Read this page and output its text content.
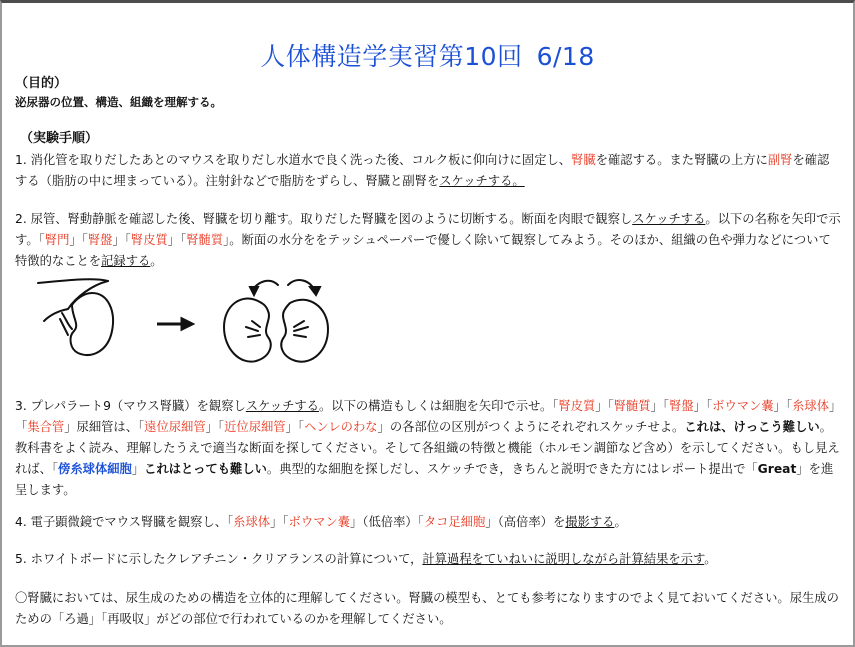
人体構造学実習第10回 6/18
（目的）
泌尿器の位置、構造、組織を理解する。
（実験手順）
1. 消化管を取りだしたあとのマウスを取りだし水道水で良く洗った後、コルク板に仰向けに固定し、腎臓を確認する。また腎臓の上方に副腎を確認する（脂肪の中に埋まっている）。注射針などで脂肪をずらし、腎臓と副腎をスケッチする。
2. 尿管、腎動静脈を確認した後、腎臓を切り離す。取りだした腎臓を図のように切断する。断面を肉眼で観察しスケッチする。以下の名称を矢印で示す。「腎門」「腎盤」「腎皮質」「腎髄質」。断面の水分ををテッシュペーパーで優しく除いて観察してみよう。そのほか、組織の色や弾力などについて特徴的なことを記録する。
3. プレパラート9（マウス腎臓）を観察しスケッチする。以下の構造もしくは細胞を矢印で示せ。「腎皮質」「腎髄質」「腎盤」「ボウマン嚢」「糸球体」「集合管」尿細管は、「遠位尿細管」「近位尿細管」「ヘンレのわな」の各部位の区別がつくようにそれぞれスケッチせよ。これは、けっこう難しい。教科書をよく読み、理解したうえで適当な断面を探してください。そして各組織の特徴と機能（ホルモン調節など含め）を示してください。もし見えれば、「傍糸球体細胞」これはとっても難しい。典型的な細胞を探しだし、スケッチでき，きちんと説明できた方にはレポート提出で「Great」を進呈します。
4. 電子顕微鏡でマウス腎臓を観察し、「糸球体」「ボウマン嚢」（低倍率）「タコ足細胞」（高倍率）を撮影する。
5. ホワイトボードに示したクレアチニン・クリアランスの計算について，計算過程をていねいに説明しながら計算結果を示す。
〇腎臓においては、尿生成のための構造を立体的に理解してください。腎臓の模型も、とても参考になりますのでよく見ておいてください。尿生成のための「ろ過」「再吸収」がどの部位で行われているのかを理解してください。
